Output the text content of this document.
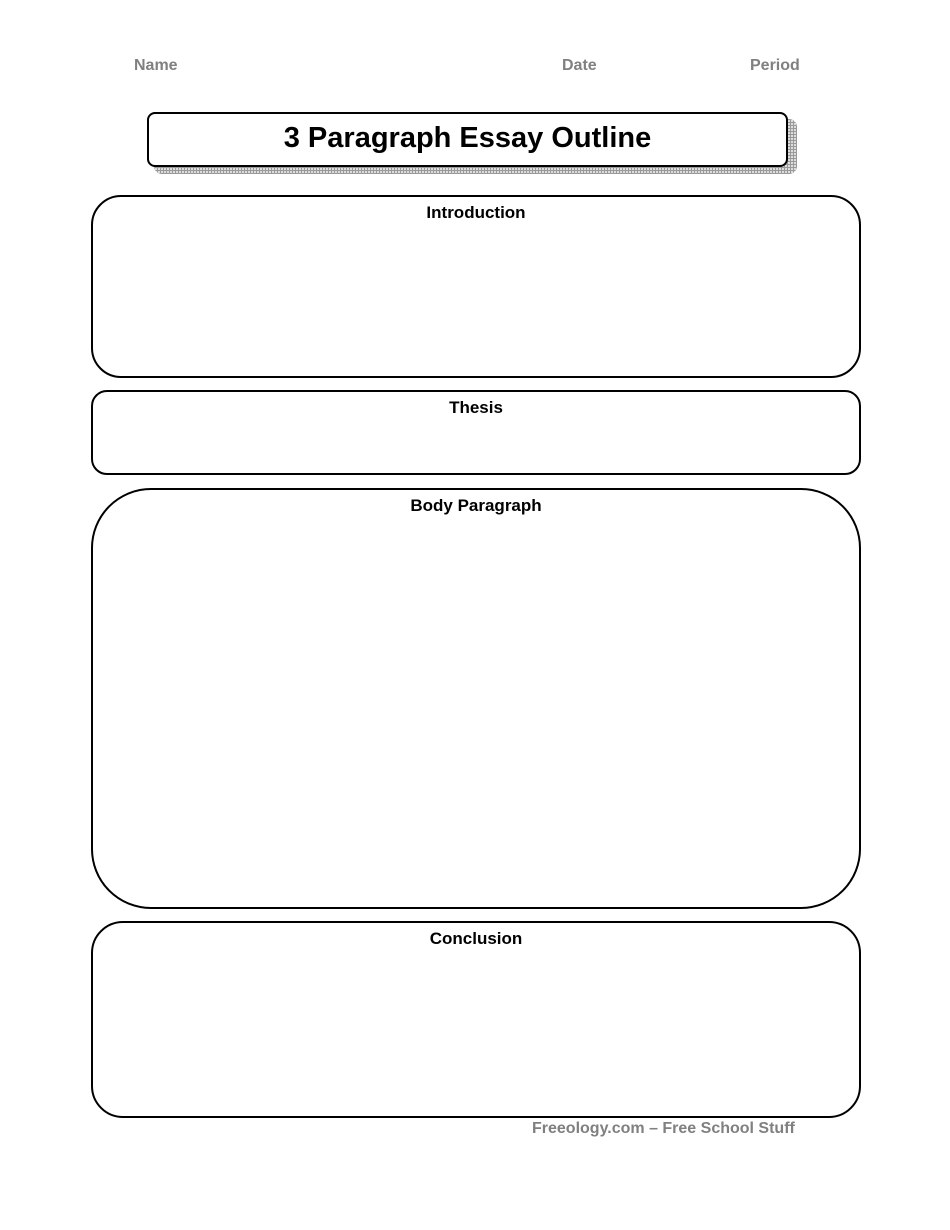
Name	Date	Period
3 Paragraph Essay Outline
Introduction
Thesis
Body Paragraph
Conclusion
Freeology.com – Free School Stuff
